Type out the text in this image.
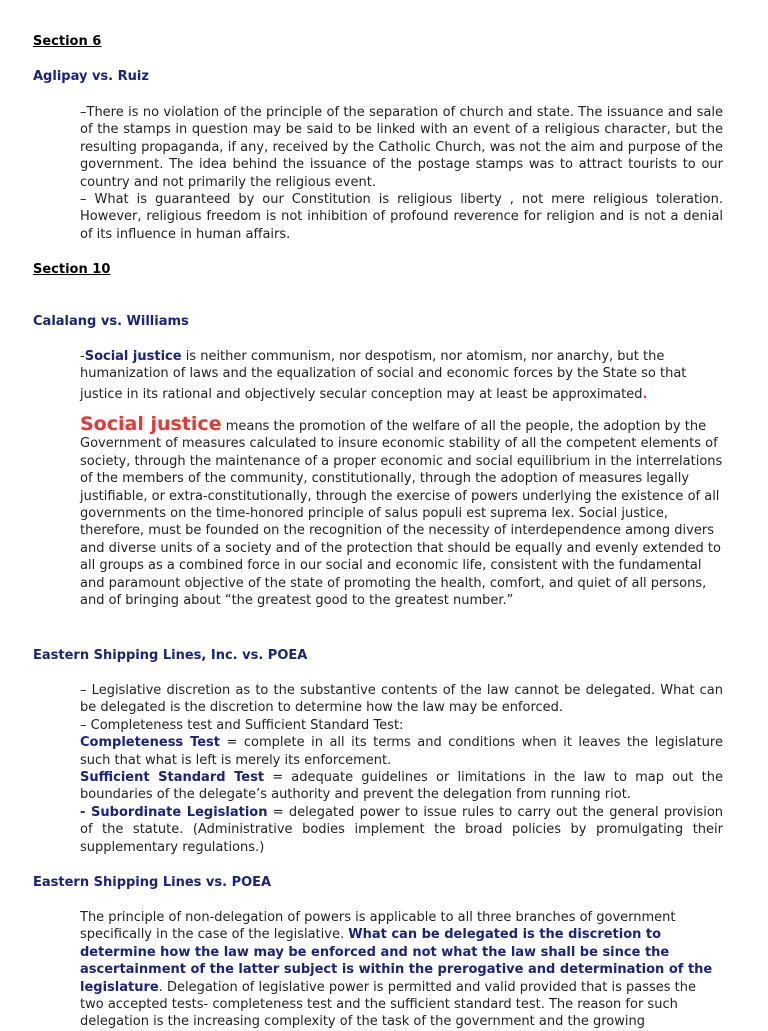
Section 6

Aglipay vs. Ruiz

–There is no violation of the principle of the separation of church and state. The issuance and sale of the stamps in question may be said to be linked with an event of a religious character, but the resulting propaganda, if any, received by the Catholic Church, was not the aim and purpose of the government. The idea behind the issuance of the postage stamps was to attract tourists to our country and not primarily the religious event.
– What is guaranteed by our Constitution is religious liberty , not mere religious toleration. However, religious freedom is not inhibition of profound reverence for religion and is not a denial of its influence in human affairs.

Section 10

Calalang vs. Williams

-Social justice is neither communism, nor despotism, nor atomism, nor anarchy, but the
humanization of laws and the equalization of social and economic forces by the State so that
justice in its rational and objectively secular conception may at least be approximated.
Social justice means the promotion of the welfare of all the people, the adoption by the Government of measures calculated to insure economic stability of all the competent elements of society, through the maintenance of a proper economic and social equilibrium in the interrelations of the members of the community, constitutionally, through the adoption of measures legally justifiable, or extra-constitutionally, through the exercise of powers underlying the existence of all governments on the time-honored principle of salus populi est suprema lex. Social justice, therefore, must be founded on the recognition of the necessity of interdependence among divers and diverse units of a society and of the protection that should be equally and evenly extended to all groups as a combined force in our social and economic life, consistent with the fundamental and paramount objective of the state of promoting the health, comfort, and quiet of all persons, and of bringing about “the greatest good to the greatest number.”

Eastern Shipping Lines, Inc. vs. POEA

– Legislative discretion as to the substantive contents of the law cannot be delegated. What can be delegated is the discretion to determine how the law may be enforced.
– Completeness test and Sufficient Standard Test:
Completeness Test = complete in all its terms and conditions when it leaves the legislature such that what is left is merely its enforcement.
Sufficient Standard Test = adequate guidelines or limitations in the law to map out the boundaries of the delegate’s authority and prevent the delegation from running riot.
- Subordinate Legislation = delegated power to issue rules to carry out the general provision of the statute. (Administrative bodies implement the broad policies by promulgating their supplementary regulations.)

Eastern Shipping Lines vs. POEA

The principle of non-delegation of powers is applicable to all three branches of government specifically in the case of the legislative. What can be delegated is the discretion to determine how the law may be enforced and not what the law shall be since the ascertainment of the latter subject is within the prerogative and determination of the legislature. Delegation of legislative power is permitted and valid provided that is passes the two accepted tests- completeness test and the sufficient standard test. The reason for such delegation is the increasing complexity of the task of the government and the growing
